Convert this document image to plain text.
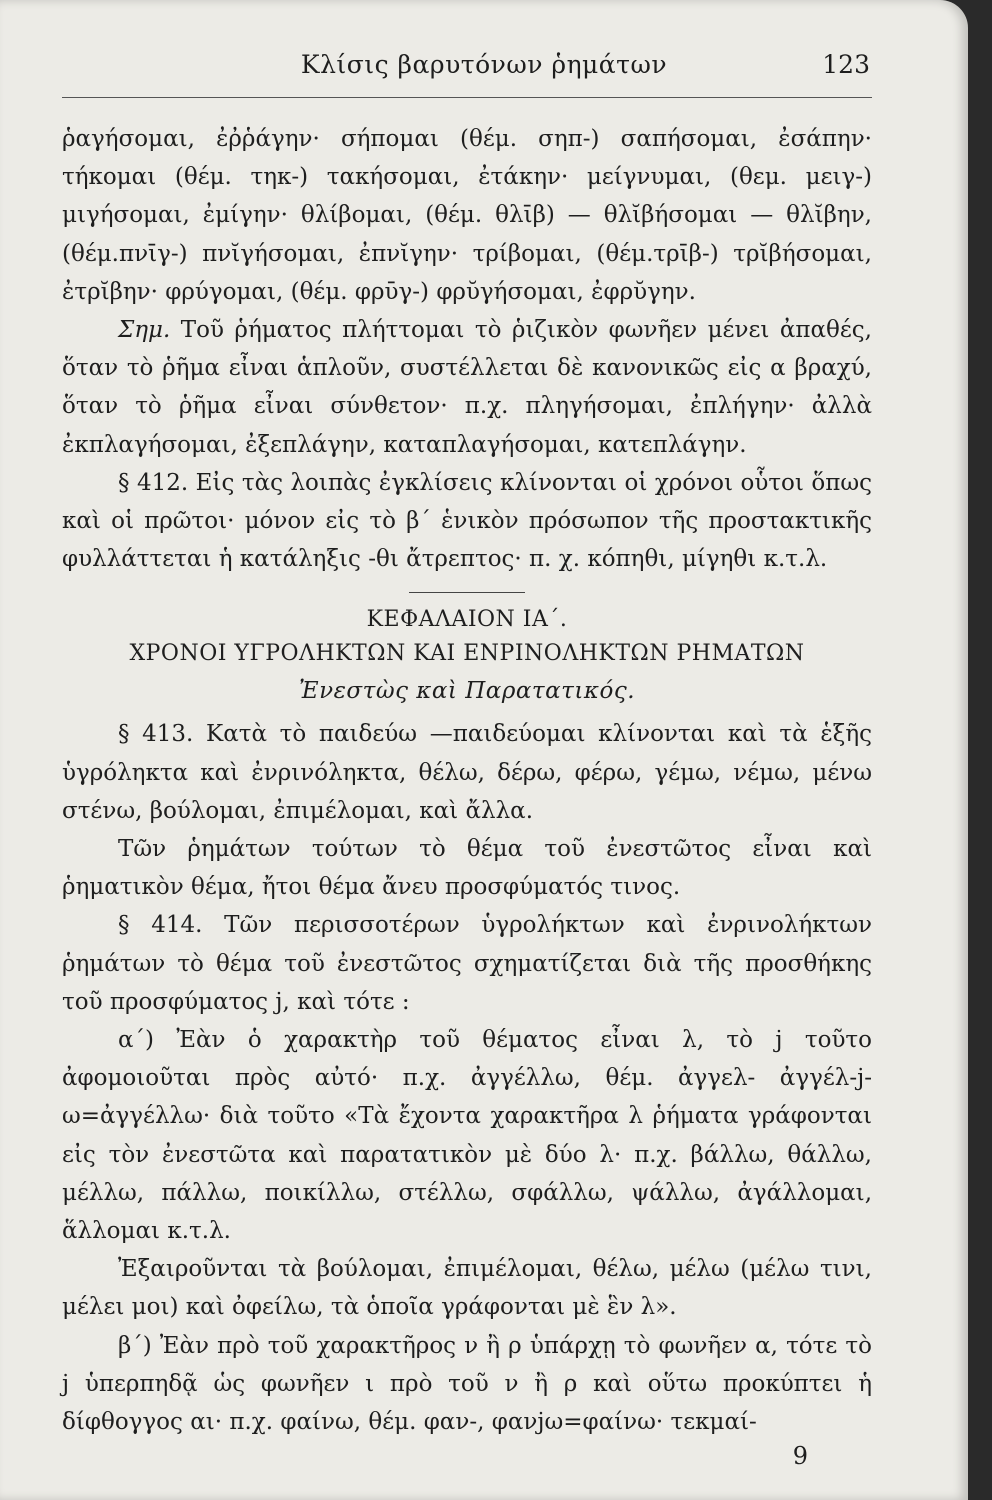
Κλίσις βαρυτόνων ῥημάτων	123

ῥαγήσομαι, ἐῤῥάγην· σήπομαι (θέμ. σηπ-) σαπήσομαι, ἐσάπην· τήκομαι (θέμ. τηκ-) τακήσομαι, ἐτάκην· μείγνυμαι, (θεμ. μειγ-) μιγήσομαι, ἐμίγην· θλίβομαι, (θέμ. θλῑβ) — θλῐβήσομαι — θλῐβην, (θέμ.πνῑγ-) πνῐγήσομαι, ἐπνῐγην· τρίβομαι, (θέμ.τρῑβ-) τρῐβήσομαι, ἐτρῐβην· φρύγομαι, (θέμ. φρῡγ-) φρῠγήσομαι, ἐφρῠγην.

Σημ. Τοῦ ῥήματος πλήττομαι τὸ ῥιζικὸν φωνῆεν μένει ἀπαθές, ὅταν τὸ ῥῆμα εἶναι ἁπλοῦν, συστέλλεται δὲ κανονικῶς εἰς α βραχύ, ὅταν τὸ ῥῆμα εἶναι σύνθετον· π.χ. πληγήσομαι, ἐπλήγην· ἀλλὰ ἐκπλαγήσομαι, ἐξεπλάγην, καταπλαγήσομαι, κατεπλάγην.

§ 412. Εἰς τὰς λοιπὰς ἐγκλίσεις κλίνονται οἱ χρόνοι οὗτοι ὅπως καὶ οἱ πρῶτοι· μόνον εἰς τὸ β΄ ἑνικὸν πρόσωπον τῆς προστακτικῆς φυλλάττεται ἡ κατάληξις -θι ἄτρεπτος· π. χ. κόπηθι, μίγηθι κ.τ.λ.

ΚΕΦΑΛΑΙΟΝ ΙΑ΄.

ΧΡΟΝΟΙ ΥΓΡΟΛΗΚΤΩΝ ΚΑΙ ΕΝΡΙΝΟΛΗΚΤΩΝ ΡΗΜΑΤΩΝ

Ἐνεστὼς καὶ Παρατατικός.

§ 413. Κατὰ τὸ παιδεύω —παιδεύομαι κλίνονται καὶ τὰ ἑξῆς ὑγρόληκτα καὶ ἐνρινόληκτα, θέλω, δέρω, φέρω, γέμω, νέμω, μένω στένω, βούλομαι, ἐπιμέλομαι, καὶ ἄλλα.

Τῶν ῥημάτων τούτων τὸ θέμα τοῦ ἐνεστῶτος εἶναι καὶ ῥηματικὸν θέμα, ἤτοι θέμα ἄνευ προσφύματός τινος.

§ 414. Τῶν περισσοτέρων ὑγρολήκτων καὶ ἐνρινολήκτων ῥημάτων τὸ θέμα τοῦ ἐνεστῶτος σχηματίζεται διὰ τῆς προσθήκης τοῦ προσφύματος j, καὶ τότε :

α΄) Ἐὰν ὁ χαρακτὴρ τοῦ θέματος εἶναι λ, τὸ j τοῦτο ἀφομοιοῦται πρὸς αὐτό· π.χ. ἀγγέλλω, θέμ. ἀγγελ- ἀγγέλ-j-ω=ἀγγέλλω· διὰ τοῦτο «Τὰ ἔχοντα χαρακτῆρα λ ῥήματα γράφονται εἰς τὸν ἐνεστῶτα καὶ παρατατικὸν μὲ δύο λ· π.χ. βάλλω, θάλλω, μέλλω, πάλλω, ποικίλλω, στέλλω, σφάλλω, ψάλλω, ἀγάλλομαι, ἅλλομαι κ.τ.λ.

Ἐξαιροῦνται τὰ βούλομαι, ἐπιμέλομαι, θέλω, μέλω (μέλω τινι, μέλει μοι) καὶ ὀφείλω, τὰ ὁποῖα γράφονται μὲ ἓν λ».

β΄) Ἐὰν πρὸ τοῦ χαρακτῆρος ν ἢ ρ ὑπάρχῃ τὸ φωνῆεν α, τότε τὸ j ὑπερπηδᾷ ὡς φωνῆεν ι πρὸ τοῦ ν ἢ ρ καὶ οὕτω προκύπτει ἡ δίφθογγος αι· π.χ. φαίνω, θέμ. φαν-, φανjω=φαίνω· τεκμαί-

9
